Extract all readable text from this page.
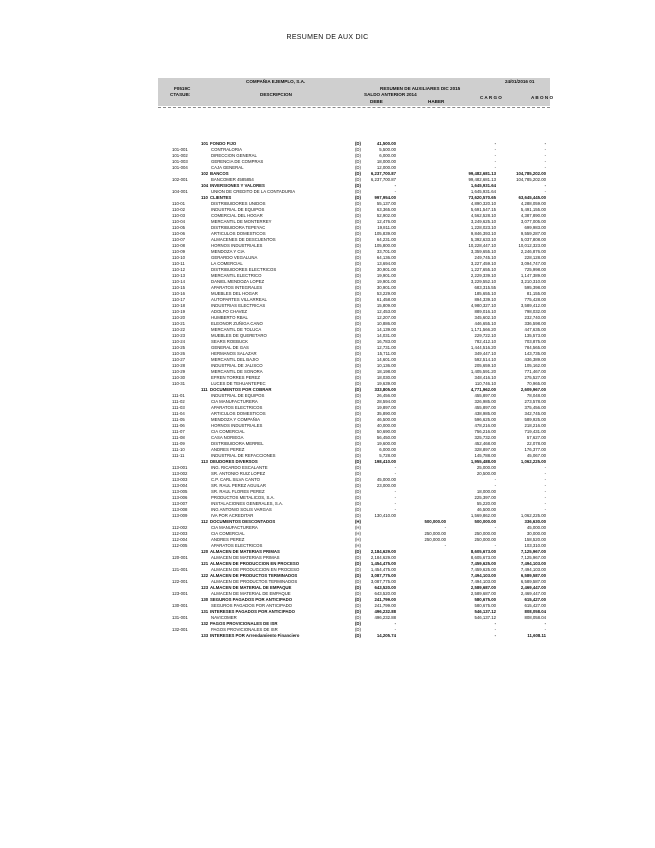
RESUMEN DE AUX DIC
COMPAÑIA EJEMPLO, S.A.	24/01/2016 01
RESUMEN DE AUXILIARES DIC 2015
F0519C
CTASUB:	DESCRIPCION	SALDO ANTERIOR 2014
C A R G O	A B O N O
DEBE	HABER
101 FONDO FIJO	(D)	41,500.00	-	-
101-001	CONTRALORIA	(D)	5,500.00	-	-
101-002	DIRECCION GENERAL	(D)	6,000.00	-	-
101-003	GERENCIA DE COMPRAS	(D)	18,000.00	-	-
101-004	CAJA GENERAL	(D)	12,000.00	-	-
102 BANCOS	(D)	6,237,700.87	99,482,681.13	104,785,202.00
102-001	BANCOMER 4585854	(D)	6,237,700.87	99,482,681.13	104,785,202.00
104 INVERSIONES Y VALORES	(D)	-	1,645,931.64	-
104-001	UNION DE CREDITO DE LA CONTADURIA	(D)	-	1,645,931.64	-
110 CLIENTES	(D)	997,954.00	73,620,570.65	63,645,445.00
110-01	DISTRIBUIDORES UNIDOS	(D)	55,137.00	4,890,320.10	4,288,059.00
110-02	INDUSTRIAL DE EQUIPOS	(D)	63,365.00	5,691,547.15	5,491,155.00
110-03	COMERCIAL DEL HOGAR	(D)	52,902.00	4,562,528.10	4,387,890.00
110-04	MERCANTIL DE MONTERREY	(D)	12,476.00	3,249,625.10	3,077,005.00
110-05	DISTRIBUIDORA TEPEYAC	(D)	19,811.00	1,228,023.10	699,983.00
110-06	ARTICULOS DOMESTICOS	(D)	105,839.00	9,846,393.10	9,559,287.00
110-07	ALMACENES DE DESCUENTOS	(D)	64,231.00	5,392,633.10	5,037,808.00
110-08	HORNOS INDUSTRIALES	(D)	105,800.00	10,228,447.10	10,012,323.00
110-09	MENDOZA Y CIA	(D)	33,701.00	3,359,655.10	2,246,876.00
110-10	GERARDO VEGALUNA	(D)	64,136.00	249,745.10	228,128.00
110-11	LA COMERCIAL	(D)	13,694.00	3,227,459.10	3,094,747.00
110-12	DISTRIBUIDORES ELECTRICOS	(D)	30,901.00	1,227,655.10	725,998.00
110-13	MERCANTIL ELECTRICO	(D)	19,901.00	2,229,339.10	1,147,389.00
110-14	DANIEL MENDOZA LOPEZ	(D)	19,901.00	3,229,552.10	3,210,310.00
110-15	APARATOS INTEGRALES	(D)	30,901.00	683,315.55	595,398.00
110-16	MUEBLES DEL HOGAR	(D)	53,229.00	185,655.10	81,155.00
110-17	AUTOPARTES VILLARREAL	(D)	61,458.00	894,339.10	775,428.00
110-18	INDUSTRIAS ELECTRICAS	(D)	15,809.00	4,980,327.10	3,589,412.00
110-19	ADOLFO CHAVEZ	(D)	12,453.00	889,016.10	798,032.00
110-20	HUMBERTO RBAL	(D)	12,207.00	345,602.10	232,740.00
110-21	ELEONOR ZUÑIGA CANO	(D)	10,886.00	446,655.10	336,598.00
110-22	MERCANTIL DE TOLUCA	(D)	14,139.00	1,171,566.20	447,635.00
110-23	MUEBLES DE QUERETARO	(D)	14,031.00	229,722.10	135,573.00
110-24	SEARS ROEBUCK	(D)	16,783.00	782,412.10	703,875.00
110-25	GENERAL DE GAS	(D)	12,731.00	1,444,516.20	784,565.00
110-26	HERMANOS SALAZAR	(D)	15,711.00	349,447.10	143,735.00
110-27	MERCANTIL DEL BAJIO	(D)	14,601.00	592,514.10	436,389.00
110-28	INDUSTRIAL DE JALISCO	(D)	10,136.00	205,659.10	105,162.00
110-29	MERCANTIL DE SONORA	(D)	18,198.00	1,405,591.20	771,467.00
110-30	EFREN TORRES PEREZ	(D)	18,030.00	348,416.10	275,527.00
110-31	LUCES DE TEHUANTEPEC	(D)	19,639.00	110,746.10	70,965.00
111 DOCUMENTOS POR COBRAR	(D)	333,805.00	4,771,962.00	2,609,967.00
111-01	INDUSTRIAL DE EQUIPOS	(D)	26,456.00	455,897.00	78,048.00
111-02	CIA MANUFACTURERA	(D)	28,594.00	326,985.00	273,578.00
111-03	APARATOS ELECTRICOS	(D)	19,897.00	455,897.00	375,456.00
111-04	ARTICULOS DOMESTICOS	(D)	35,890.00	438,985.00	342,745.00
111-05	MENDOZA Y COMPAÑIA	(D)	46,500.00	596,625.00	589,925.00
111-06	HORNOS INDUSTRIALES	(D)	40,000.00	478,216.00	218,216.00
111-07	CIA COMERCIAL	(D)	50,690.00	756,216.00	719,431.00
111-08	CASA NORIEGA	(D)	56,450.00	325,732.00	57,627.00
111-09	DISTRIBUIDORA MERREL	(D)	19,600.00	452,468.00	22,078.00
111-10	ANDRES PEREZ	(D)	6,000.00	328,897.00	176,377.00
111-11	INDUSTRIAL DE REFACCIONES	(D)	5,728.00	145,788.00	45,067.00
113 DEUDORES DIVERSOS	(D)	198,410.00	1,955,488.00	1,062,225.00
113-001	ING. RICARDO ESCALANTE	(D)	-	25,000.00	-
113-002	SR. ANTONIO RUIZ LOPEZ	(D)	-	20,500.00	-
113-003	C.P. CARL SILVA CANTO	(D)	45,000.00	-	-
113-004	SR. RAUL PEREZ AGUILAR	(D)	23,000.00	-	-
113-005	SR. RAUL FLORES PEREZ	(D)	-	18,000.00	-
113-006	PRODUCTOS METALICOS, S.A.	(D)	-	225,397.00	-
113-007	INSTALACIONES GENERALES, S.A.	(D)	-	55,220.00	-
113-008	ING ANTONIO SOLIS VARGAS	(D)	-	46,500.00	-
113-009	IVA POR ACREDITAR	(D)	130,410.00	1,569,862.00	1,062,225.00
112 DOCUMENTOS DESCONTADOS	(H)	500,000.00	500,000.00	336,630.00
112-002	CIA MANUFACTURERA	(H)	-	-	45,000.00
112-003	CIA COMERCIAL	(H)	250,000.00	250,000.00	30,000.00
112-004	ANDRES PEREZ	(H)	250,000.00	250,000.00	158,520.00
112-005	APARATOS ELECTRICOS	(H)	-	-	103,310.00
120 ALMACEN DE MATERIAS PRIMAS	(D)	2,184,629.00	8,605,673.00	7,125,967.00
120-001	ALMACEN DE MATERIAS PRIMAS	(D)	2,184,629.00	8,605,673.00	7,125,967.00
121 ALMACEN DE PRODUCCION EN PROCESO	(D)	1,454,475.00	7,459,625.00	7,494,103.00
121-001	ALMACEN DE PRODUCCION EN PROCESO	(D)	1,454,475.00	7,459,625.00	7,494,103.00
122 ALMACEN DE PRODUCTOS TERMINADOS	(D)	3,087,775.00	7,494,103.00	6,589,587.00
122-001	ALMACEN DE PRODUCTOS TERMINADOS	(D)	3,087,775.00	7,494,103.00	6,589,587.00
123 ALMACEN DE MATERIAL DE EMPAQUE	(D)	643,520.00	2,589,687.00	2,469,447.00
123-001	ALMACEN DE MATERIAL DE EMPAQUE	(D)	643,520.00	2,589,687.00	2,469,447.00
130 SEGUROS PAGADOS POR ANTICIPADO	(D)	241,799.00	580,675.00	615,427.00
130-001	SEGUROS PAGADOS POR ANTICIPADO	(D)	241,799.00	580,675.00	615,427.00
131 INTERESES PAGADOS POR ANTICIPADO	(D)	496,232.88	546,137.12	808,058.04
131-001	NAVICOMER	(D)	496,232.88	546,137.12	808,058.04
132 PAGOS PROVICIONALES DE ISR	(D)	-	-	-
132-001	PAGOS PROVICIONALES DE ISR	(D)	-	-	-
133 INTERESES POR Arrendamiento Financiero	(D)	14,205.74	-	11,608.11
